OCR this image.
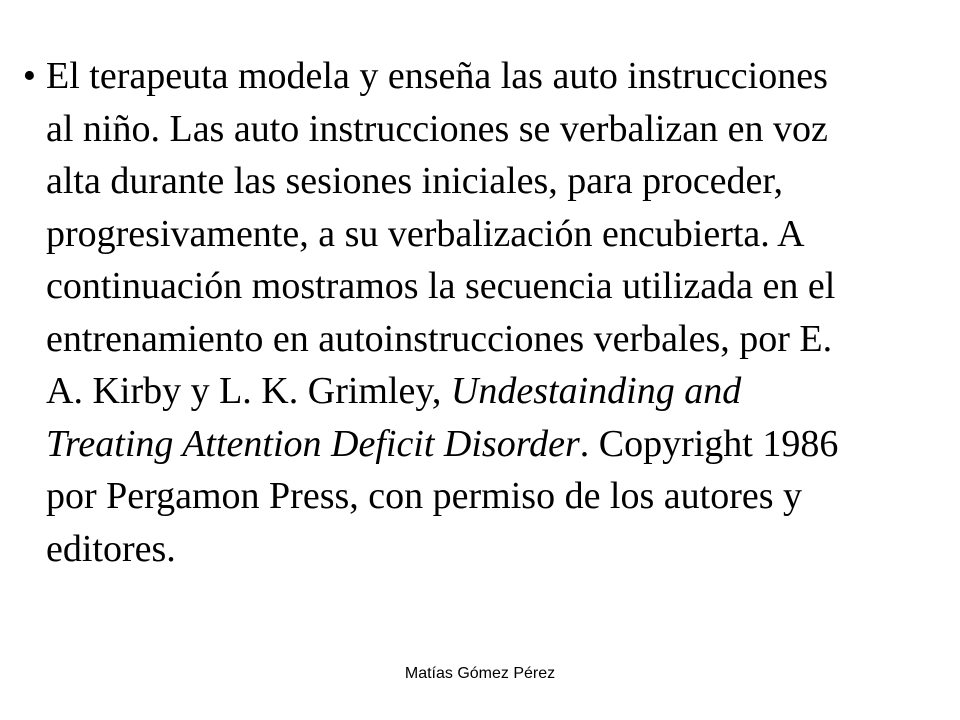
• El terapeuta modela y enseña las auto instrucciones
al niño. Las auto instrucciones se verbalizan en voz
alta durante las sesiones iniciales, para proceder,
progresivamente, a su verbalización encubierta. A
continuación mostramos la secuencia utilizada en el
entrenamiento en autoinstrucciones verbales, por E.
A. Kirby y L. K. Grimley, Undestainding and
Treating Attention Deficit Disorder. Copyright 1986
por Pergamon Press, con permiso de los autores y
editores.
Matías Gómez Pérez
